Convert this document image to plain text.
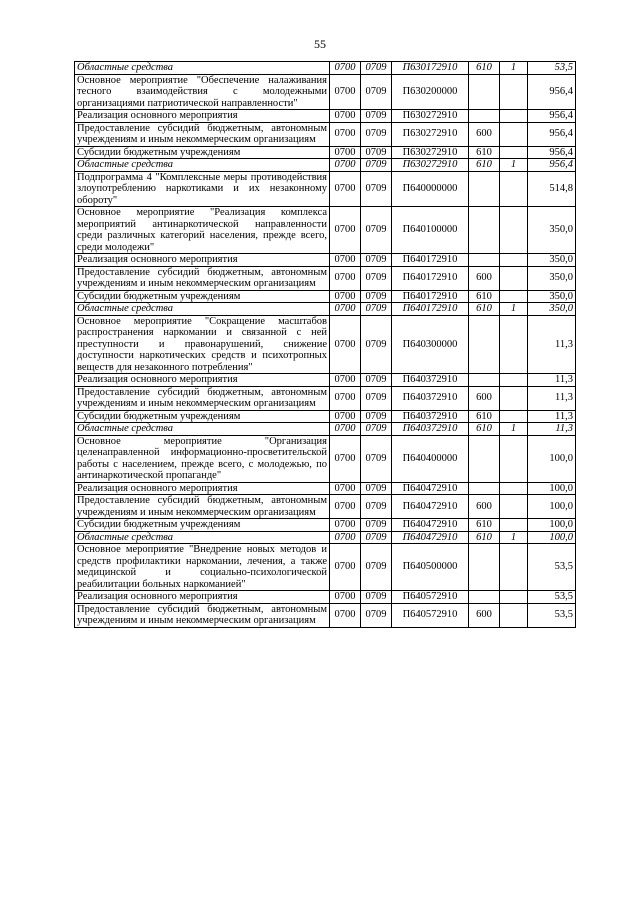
55
Областные средства	0700	0709	П630172910	610	1	53,5
Основное мероприятие "Обеспечение налаживания тесного взаимодействия с молодежными организациями патриотической направленности"	0700	0709	П630200000			956,4
Реализация основного мероприятия	0700	0709	П630272910			956,4
Предоставление субсидий бюджетным, автономным учреждениям и иным некоммерческим организациям	0700	0709	П630272910	600		956,4
Субсидии бюджетным учреждениям	0700	0709	П630272910	610		956,4
Областные средства	0700	0709	П630272910	610	1	956,4
Подпрограмма 4 "Комплексные меры противодействия злоупотреблению наркотиками и их незаконному обороту"	0700	0709	П640000000			514,8
Основное мероприятие "Реализация комплекса мероприятий антинаркотической направленности среди различных категорий населения, прежде всего, среди молодежи"	0700	0709	П640100000			350,0
Реализация основного мероприятия	0700	0709	П640172910			350,0
Предоставление субсидий бюджетным, автономным учреждениям и иным некоммерческим организациям	0700	0709	П640172910	600		350,0
Субсидии бюджетным учреждениям	0700	0709	П640172910	610		350,0
Областные средства	0700	0709	П640172910	610	1	350,0
Основное мероприятие "Сокращение масштабов распространения наркомании и связанной с ней преступности и правонарушений, снижение доступности наркотических средств и психотропных веществ для незаконного потребления"	0700	0709	П640300000			11,3
Реализация основного мероприятия	0700	0709	П640372910			11,3
Предоставление субсидий бюджетным, автономным учреждениям и иным некоммерческим организациям	0700	0709	П640372910	600		11,3
Субсидии бюджетным учреждениям	0700	0709	П640372910	610		11,3
Областные средства	0700	0709	П640372910	610	1	11,3
Основное мероприятие "Организация целенаправленной информационно-просветительской работы с населением, прежде всего, с молодежью, по антинаркотической пропаганде"	0700	0709	П640400000			100,0
Реализация основного мероприятия	0700	0709	П640472910			100,0
Предоставление субсидий бюджетным, автономным учреждениям и иным некоммерческим организациям	0700	0709	П640472910	600		100,0
Субсидии бюджетным учреждениям	0700	0709	П640472910	610		100,0
Областные средства	0700	0709	П640472910	610	1	100,0
Основное мероприятие "Внедрение новых методов и средств профилактики наркомании, лечения, а также медицинской и социально-психологической реабилитации больных наркоманией"	0700	0709	П640500000			53,5
Реализация основного мероприятия	0700	0709	П640572910			53,5
Предоставление субсидий бюджетным, автономным учреждениям и иным некоммерческим организациям	0700	0709	П640572910	600		53,5
